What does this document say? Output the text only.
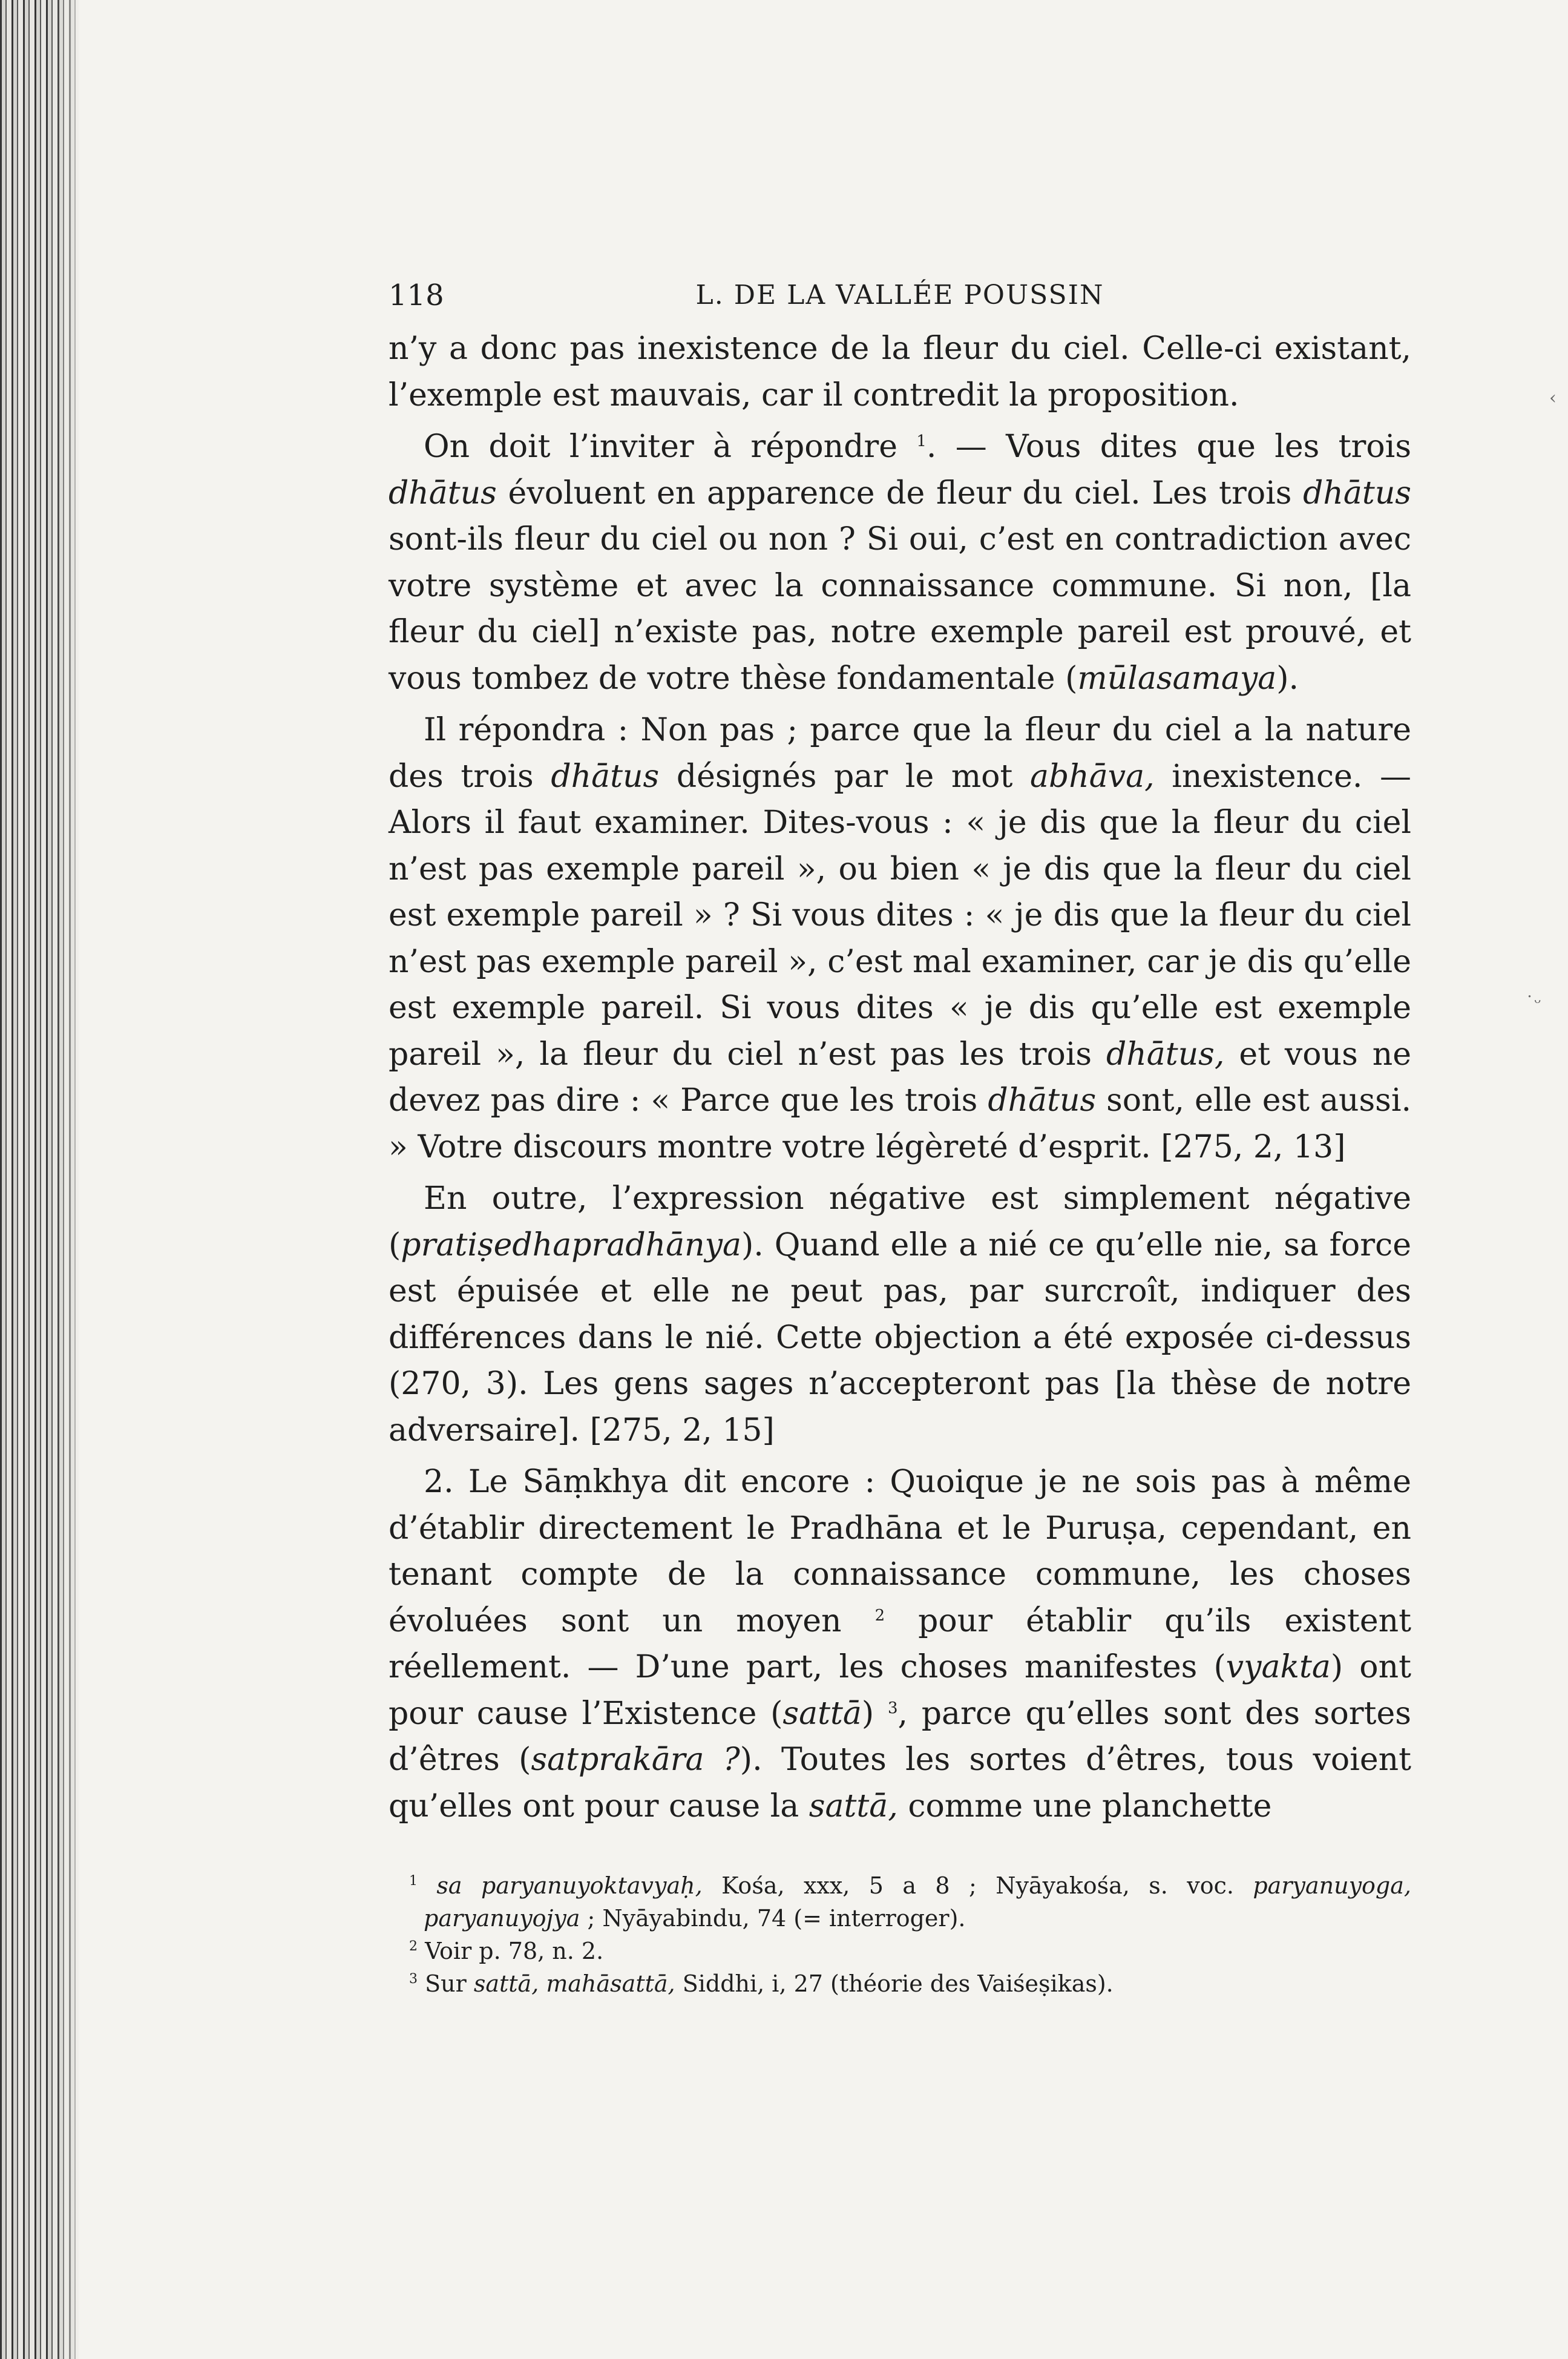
‹
˙ᵕ
118	L. DE LA VALLÉE POUSSIN

n’y a donc pas inexistence de la fleur du ciel. Celle-ci existant, l’exemple est mauvais, car il contredit la proposition.

On doit l’inviter à répondre $^1$. — Vous dites que les trois dhātus évoluent en apparence de fleur du ciel. Les trois dhātus sont-ils fleur du ciel ou non ? Si oui, c’est en contradiction avec votre système et avec la connaissance commune. Si non, [la fleur du ciel] n’existe pas, notre exemple pareil est prouvé, et vous tombez de votre thèse fondamentale (mūlasamaya).

Il répondra : Non pas ; parce que la fleur du ciel a la nature des trois dhātus désignés par le mot abhāva, inexistence. — Alors il faut examiner. Dites-vous : « je dis que la fleur du ciel n’est pas exemple pareil », ou bien « je dis que la fleur du ciel est exemple pareil » ? Si vous dites : « je dis que la fleur du ciel n’est pas exemple pareil », c’est mal examiner, car je dis qu’elle est exemple pareil. Si vous dites « je dis qu’elle est exemple pareil », la fleur du ciel n’est pas les trois dhātus, et vous ne devez pas dire : « Parce que les trois dhātus sont, elle est aussi. » Votre discours montre votre légèreté d’esprit. [275, 2, 13]

En outre, l’expression négative est simplement négative (pratiṣedhapradhānya). Quand elle a nié ce qu’elle nie, sa force est épuisée et elle ne peut pas, par surcroît, indiquer des différences dans le nié. Cette objection a été exposée ci-dessus (270, 3). Les gens sages n’accepteront pas [la thèse de notre adversaire]. [275, 2, 15]

2. Le Sāṃkhya dit encore : Quoique je ne sois pas à même d’établir directement le Pradhāna et le Puruṣa, cependant, en tenant compte de la connaissance commune, les choses évoluées sont un moyen $^2$ pour établir qu’ils existent réellement. — D’une part, les choses manifestes (vyakta) ont pour cause l’Existence (sattā) $^3$, parce qu’elles sont des sortes d’êtres (satprakāra ?). Toutes les sortes d’êtres, tous voient qu’elles ont pour cause la sattā, comme une planchette

$^1$ sa paryanuyoktavyaḥ, Kośa, xxx, 5 a 8 ; Nyāyakośa, s. voc. paryanuyoga, paryanuyojya ; Nyāyabindu, 74 (= interroger).

$^2$ Voir p. 78, n. 2.

$^3$ Sur sattā, mahāsattā, Siddhi, i, 27 (théorie des Vaiśeṣikas).
